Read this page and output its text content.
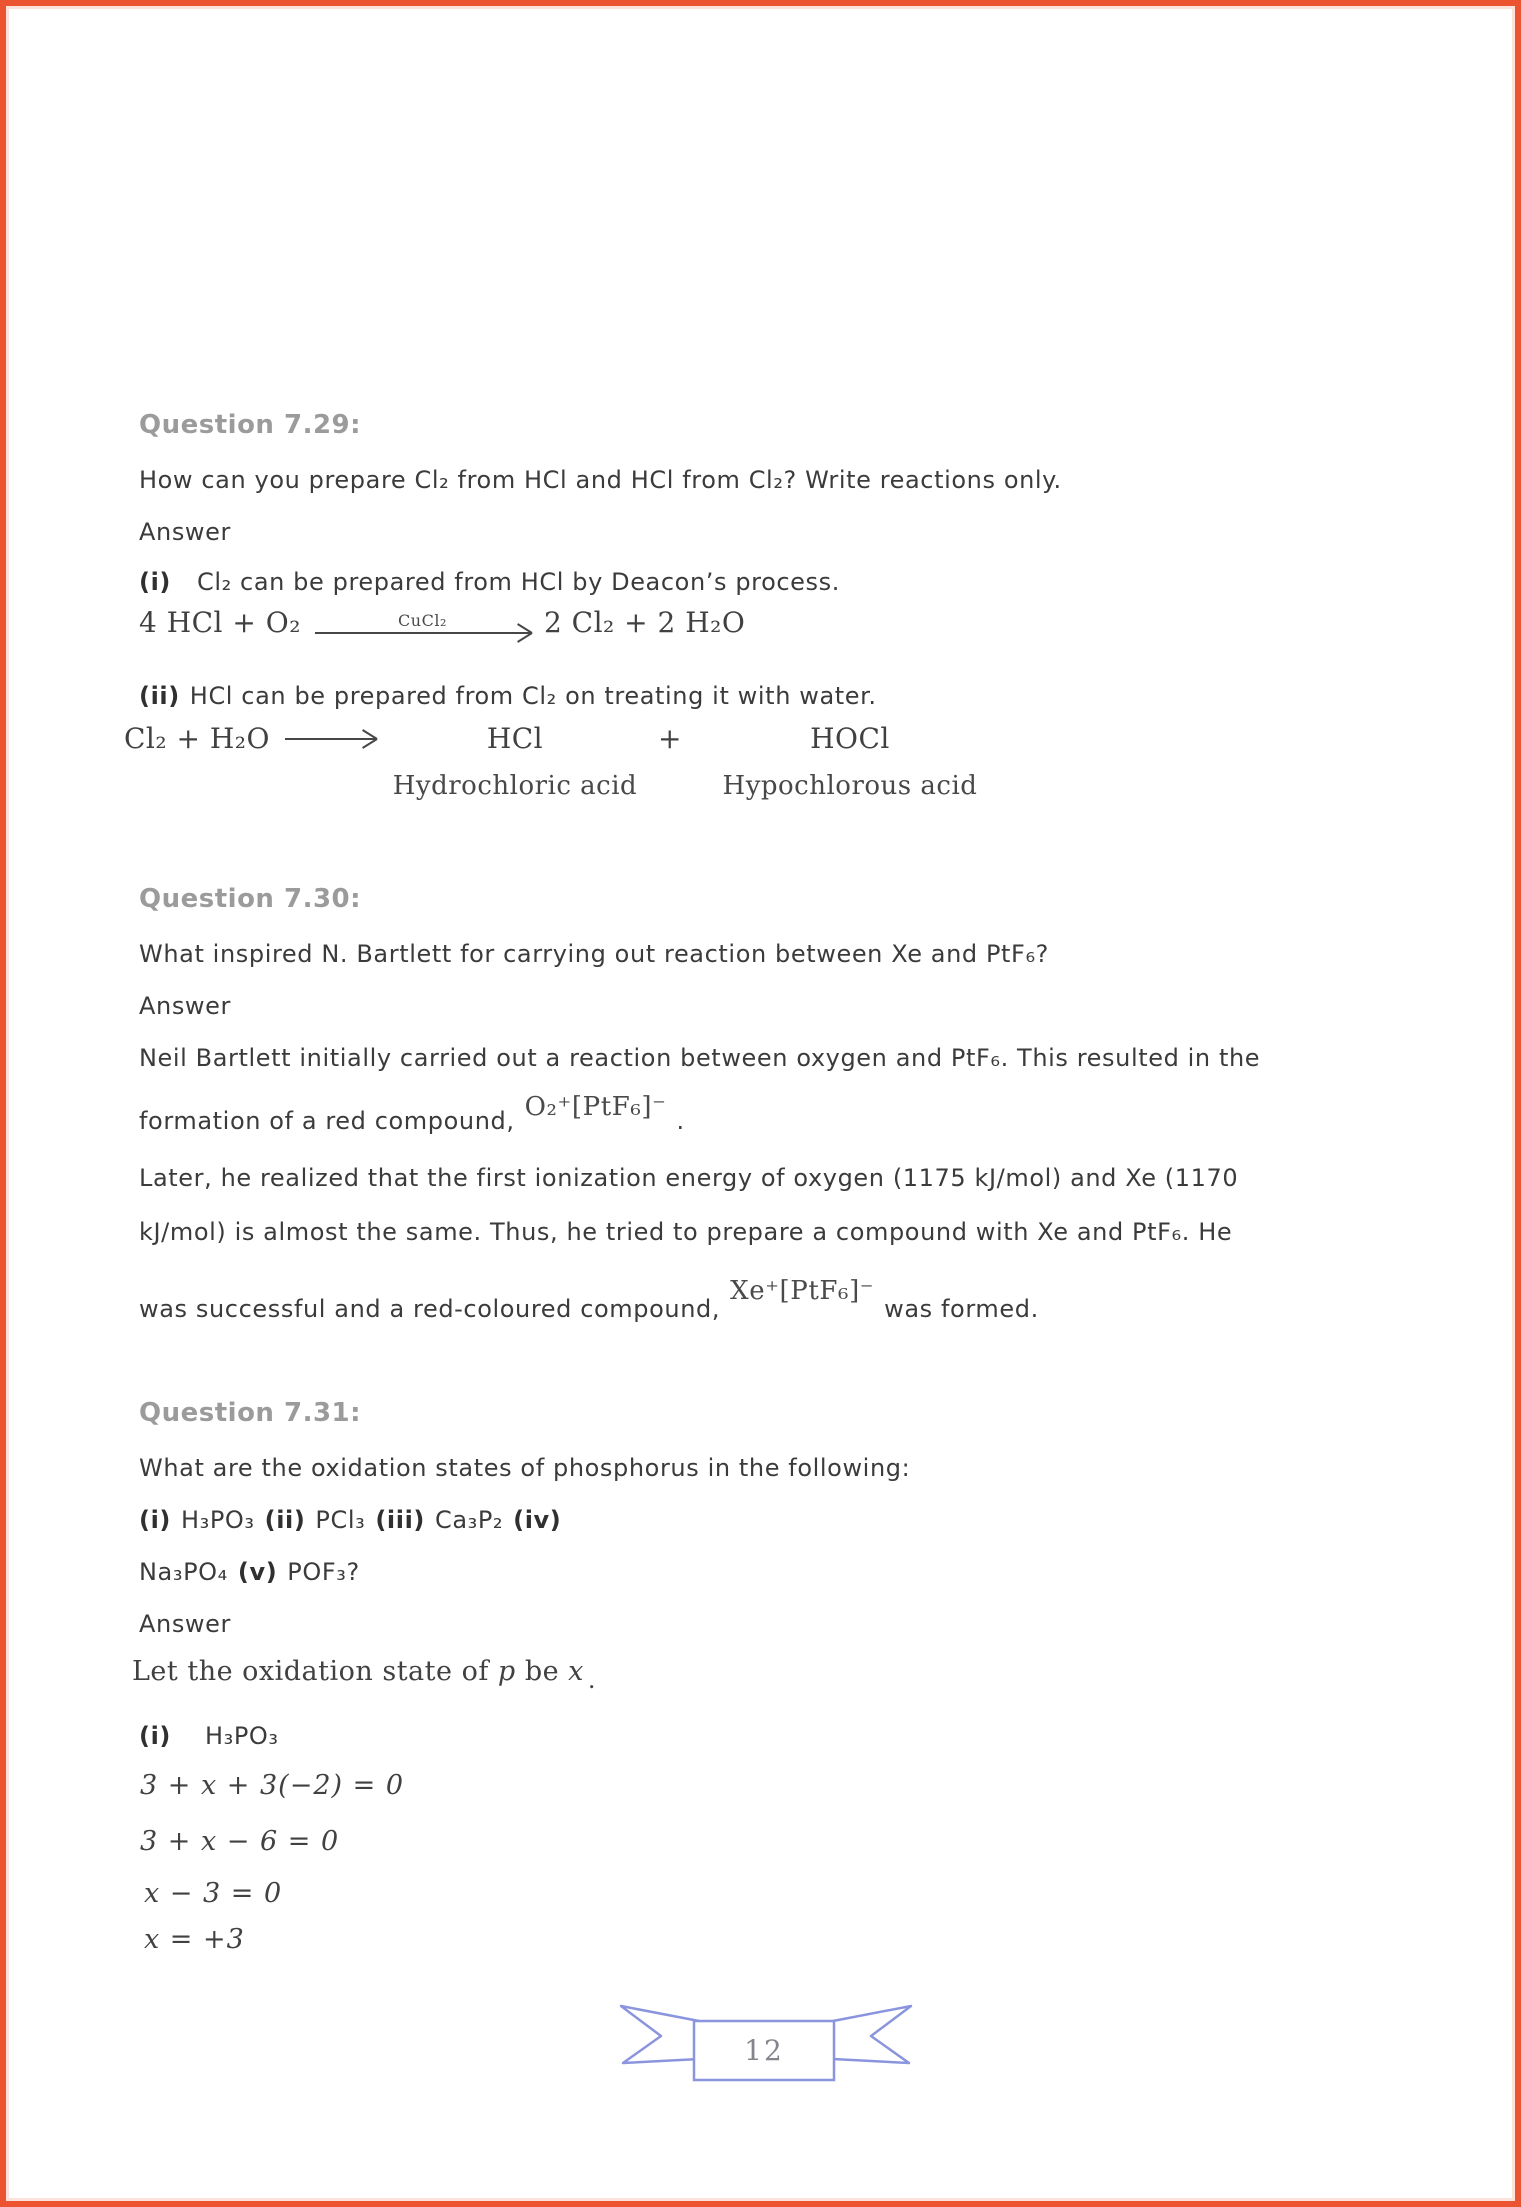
Question 7.29:
How can you prepare Cl₂ from HCl and HCl from Cl₂? Write reactions only.
Answer
(i) Cl₂ can be prepared from HCl by Deacon’s process.
4 HCl + O₂	CuCl₂	2 Cl₂ + 2 H₂O
(ii) HCl can be prepared from Cl₂ on treating it with water.
Cl₂ + H₂O	HCl	+	HOCl
Hydrochloric acid	Hypochlorous acid
Question 7.30:
What inspired N. Bartlett for carrying out reaction between Xe and PtF₆?
Answer
Neil Bartlett initially carried out a reaction between oxygen and PtF₆. This resulted in the
formation of a red compound, O₂⁺[PtF₆]⁻ .
Later, he realized that the first ionization energy of oxygen (1175 kJ/mol) and Xe (1170
kJ/mol) is almost the same. Thus, he tried to prepare a compound with Xe and PtF₆. He
was successful and a red-coloured compound,
Xe⁺[PtF₆]⁻
was formed.
Question 7.31:
What are the oxidation states of phosphorus in the following:
(i) H₃PO₃ (ii) PCl₃ (iii) Ca₃P₂ (iv)
Na₃PO₄ (v) POF₃?
Answer
Let the oxidation state of p be x .
(i) H₃PO₃
3 + x + 3(−2) = 0
3 + x − 6 = 0
x − 3 = 0
x = +3
12
